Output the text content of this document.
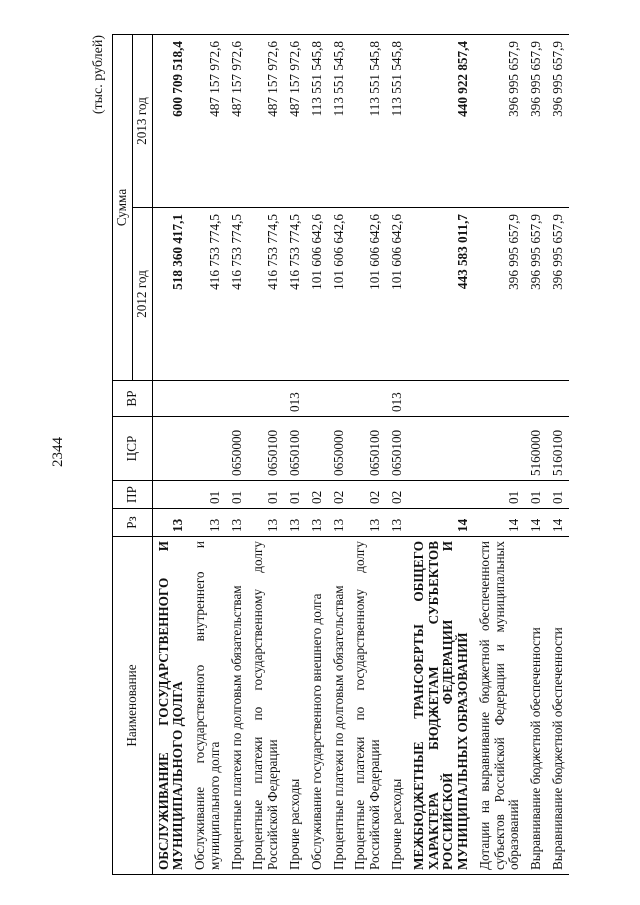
2344
(тыс. рублей)
Наименование	Рз	ПР	ЦСР	ВР	Сумма	
					2012 год	2013 год
ОБСЛУЖИВАНИЕ ГОСУДАРСТВЕННОГО И МУНИЦИПАЛЬНОГО ДОЛГА	13				518 360 417,1	600 709 518,4
Обслуживание государственного внутреннего и муниципального долга	13	01			416 753 774,5	487 157 972,6
Процентные платежи по долговым обязательствам	13	01	0650000		416 753 774,5	487 157 972,6
Процентные платежи по государственному долгу Российской Федерации	13	01	0650100		416 753 774,5	487 157 972,6
Прочие расходы	13	01	0650100	013	416 753 774,5	487 157 972,6
Обслуживание государственного внешнего долга	13	02			101 606 642,6	113 551 545,8
Процентные платежи по долговым обязательствам	13	02	0650000		101 606 642,6	113 551 545,8
Процентные платежи по государственному долгу Российской Федерации	13	02	0650100		101 606 642,6	113 551 545,8
Прочие расходы	13	02	0650100	013	101 606 642,6	113 551 545,8
МЕЖБЮДЖЕТНЫЕ ТРАНСФЕРТЫ ОБЩЕГО ХАРАКТЕРА БЮДЖЕТАМ СУБЪЕКТОВ РОССИЙСКОЙ ФЕДЕРАЦИИ И МУНИЦИПАЛЬНЫХ ОБРАЗОВАНИЙ	14				443 583 011,7	440 922 857,4
Дотации на выравнивание бюджетной обеспеченности субъектов Российской Федерации и муниципальных образований	14	01			396 995 657,9	396 995 657,9
Выравнивание бюджетной обеспеченности	14	01	5160000		396 995 657,9	396 995 657,9
Выравнивание бюджетной обеспеченности	14	01	5160100		396 995 657,9	396 995 657,9
